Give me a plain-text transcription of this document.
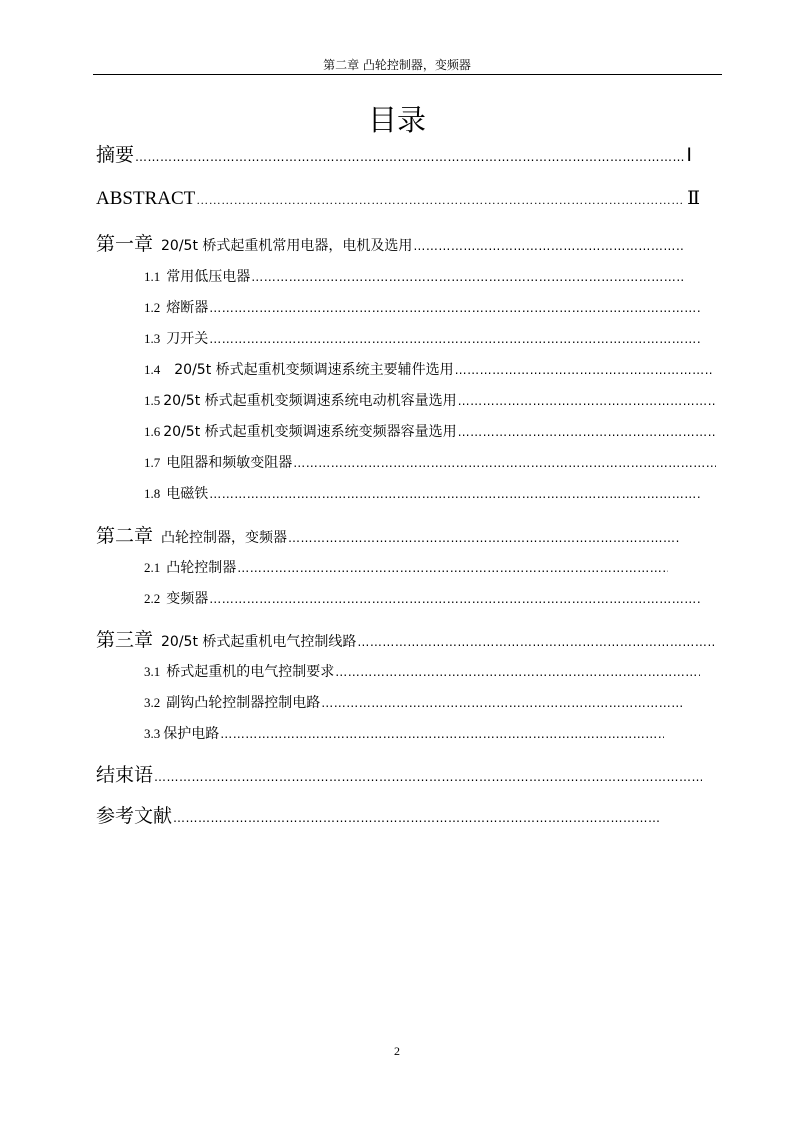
第二章 凸轮控制器，变频器
目录
摘要 ………………………………………………………………………………………………………………………………………………………………………………………………………………………………………………………	I
ABSTRACT ………………………………………………………………………………………………………………………………………………………………………………………………………………………………………………………	Ⅱ
第一章 20/5t 桥式起重机常用电器，电机及选用
………………………………………………………………………………………………………………………………………………………………………………………………………………………………………………………
1.1 常用低压电器
………………………………………………………………………………………………………………………………………………………………………………………………………………………………………………………
1.2 熔断器
………………………………………………………………………………………………………………………………………………………………………………………………………………………………………………………
1.3 刀开关
………………………………………………………………………………………………………………………………………………………………………………………………………………………………………………………
1.4 20/5t 桥式起重机变频调速系统主要辅件选用
………………………………………………………………………………………………………………………………………………………………………………………………………………………………………………………
1.5 20/5t 桥式起重机变频调速系统电动机容量选用
………………………………………………………………………………………………………………………………………………………………………………………………………………………………………………………
1.6 20/5t 桥式起重机变频调速系统变频器容量选用
………………………………………………………………………………………………………………………………………………………………………………………………………………………………………………………
1.7 电阻器和频敏变阻器
………………………………………………………………………………………………………………………………………………………………………………………………………………………………………………………
1.8 电磁铁
………………………………………………………………………………………………………………………………………………………………………………………………………………………………………………………
第二章 凸轮控制器，变频器
………………………………………………………………………………………………………………………………………………………………………………………………………………………………………………………
2.1 凸轮控制器
………………………………………………………………………………………………………………………………………………………………………………………………………………………………………………………
2.2 变频器
………………………………………………………………………………………………………………………………………………………………………………………………………………………………………………………
第三章 20/5t 桥式起重机电气控制线路
………………………………………………………………………………………………………………………………………………………………………………………………………………………………………………………
3.1 桥式起重机的电气控制要求
………………………………………………………………………………………………………………………………………………………………………………………………………………………………………………………
3.2 副钩凸轮控制器控制电路
………………………………………………………………………………………………………………………………………………………………………………………………………………………………………………………
3.3 保护电路
………………………………………………………………………………………………………………………………………………………………………………………………………………………………………………………
结束语
………………………………………………………………………………………………………………………………………………………………………………………………………………………………………………………
参考文献
………………………………………………………………………………………………………………………………………………………………………………………………………………………………………………………
2
